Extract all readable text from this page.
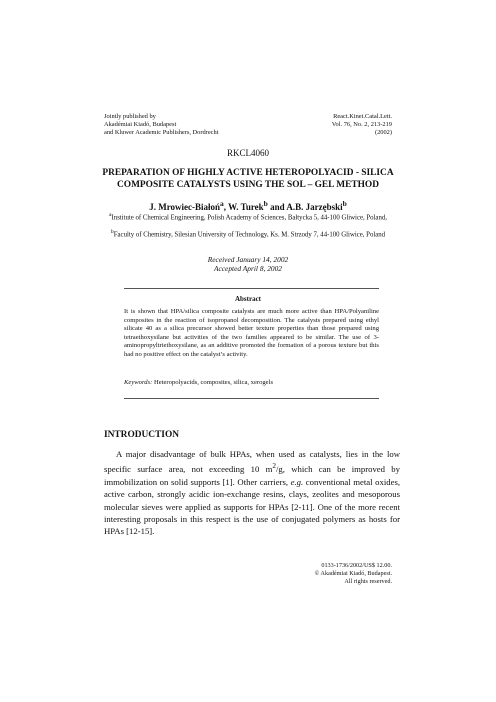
Jointly published by
Akadémiai Kiadó, Budapest
and Kluwer Academic Publishers, Dordrecht
React.Kinet.Catal.Lett.
Vol. 76, No. 2, 213-219
(2002)
RKCL4060
PREPARATION OF HIGHLY ACTIVE HETEROPOLYACID - SILICA
COMPOSITE CATALYSTS USING THE SOL – GEL METHOD
J. Mrowiec-Białoń$^a$, W. Turek$^b$ and A.B. Jarzębski$^b$
$^a$Institute of Chemical Engineering, Polish Academy of Sciences, Bałtycka 5, 44-100 Gliwice, Poland,
$^b$Faculty of Chemistry, Silesian University of Technology, Ks. M. Strzody 7, 44-100 Gliwice, Poland
Received January 14, 2002
Accepted April 8, 2002
Abstract

It is shown that HPA/silica composite catalysts are much more active than HPA/Polyaniline composites in the reaction of isopropanol decomposition. The catalysts prepared using ethyl silicate 40 as a silica precursor showed better texture properties than those prepared using tetraethoxysilane but activities of the two families appeared to be similar. The use of 3-aminopropyltriethoxysilane, as an additive promoted the formation of a porous texture but this had no positive effect on the catalyst’s activity.

Keywords: Heteropolyacids, composites, silica, xerogels
INTRODUCTION

A major disadvantage of bulk HPAs, when used as catalysts, lies in the low specific surface area, not exceeding 10 $m^2/g$, which can be improved by immobilization on solid supports [1]. Other carriers, e.g. conventional metal oxides, active carbon, strongly acidic ion-exchange resins, clays, zeolites and mesoporous molecular sieves were applied as supports for HPAs [2-11]. One of the more recent interesting proposals in this respect is the use of conjugated polymers as hosts for HPAs [12-15].

0133-1736/2002/US$ 12.00.
© Akadémiai Kiadó, Budapest.
All rights reserved.
